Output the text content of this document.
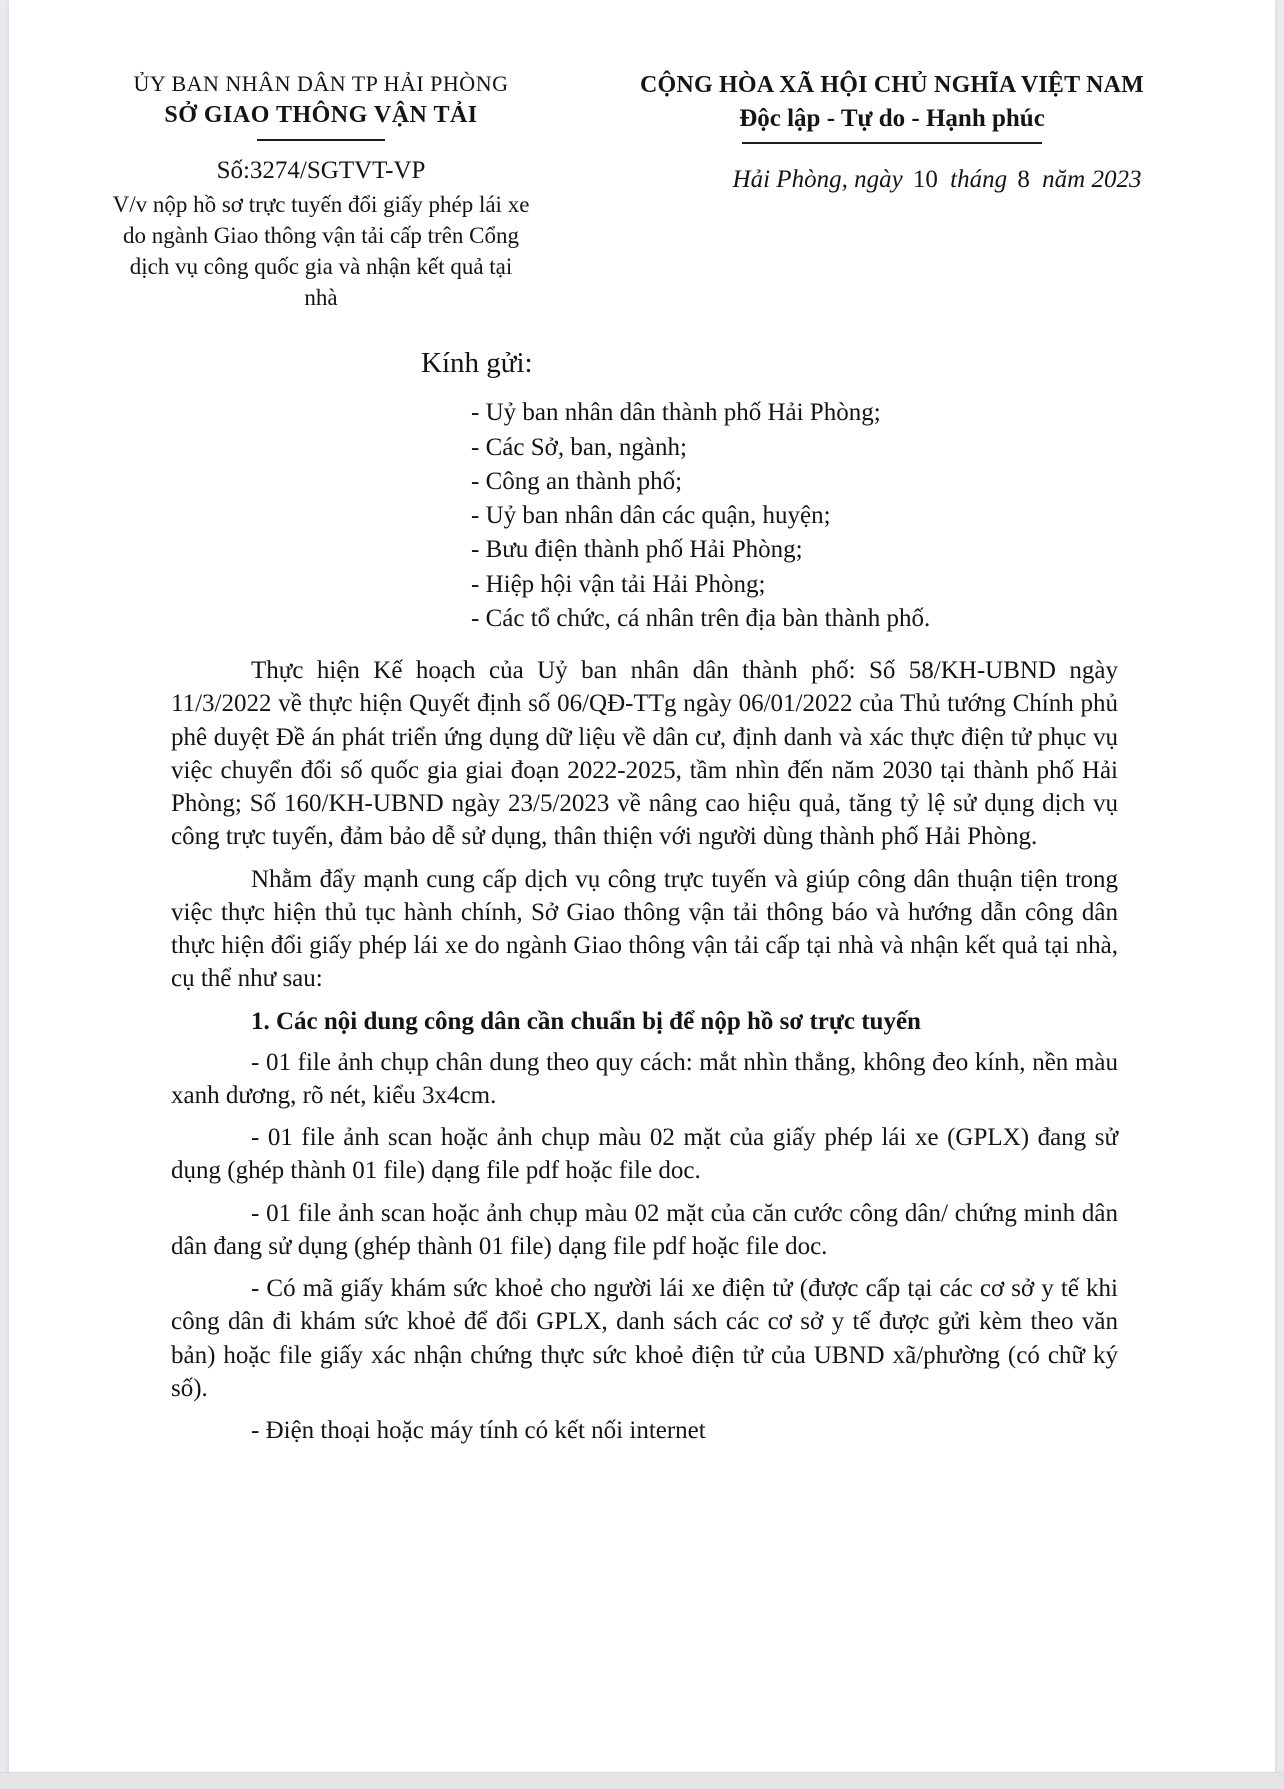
ỦY BAN NHÂN DÂN TP HẢI PHÒNG
SỞ GIAO THÔNG VẬN TẢI
Số:3274/SGTVT-VP
V/v nộp hồ sơ trực tuyến đổi giấy phép lái xe do ngành Giao thông vận tải cấp trên Cổng dịch vụ công quốc gia và nhận kết quả tại nhà
CỘNG HÒA XÃ HỘI CHỦ NGHĨA VIỆT NAM
Độc lập - Tự do - Hạnh phúc
Hải Phòng, ngày 10 tháng 8 năm 2023
Kính gửi:
- Uỷ ban nhân dân thành phố Hải Phòng;
- Các Sở, ban, ngành;
- Công an thành phố;
- Uỷ ban nhân dân các quận, huyện;
- Bưu điện thành phố Hải Phòng;
- Hiệp hội vận tải Hải Phòng;
- Các tổ chức, cá nhân trên địa bàn thành phố.

Thực hiện Kế hoạch của Uỷ ban nhân dân thành phố: Số 58/KH-UBND ngày 11/3/2022 về thực hiện Quyết định số 06/QĐ-TTg ngày 06/01/2022 của Thủ tướng Chính phủ phê duyệt Đề án phát triển ứng dụng dữ liệu về dân cư, định danh và xác thực điện tử phục vụ việc chuyển đổi số quốc gia giai đoạn 2022-2025, tầm nhìn đến năm 2030 tại thành phố Hải Phòng; Số 160/KH-UBND ngày 23/5/2023 về nâng cao hiệu quả, tăng tỷ lệ sử dụng dịch vụ công trực tuyến, đảm bảo dễ sử dụng, thân thiện với người dùng thành phố Hải Phòng.

Nhằm đẩy mạnh cung cấp dịch vụ công trực tuyến và giúp công dân thuận tiện trong việc thực hiện thủ tục hành chính, Sở Giao thông vận tải thông báo và hướng dẫn công dân thực hiện đổi giấy phép lái xe do ngành Giao thông vận tải cấp tại nhà và nhận kết quả tại nhà, cụ thể như sau:

1. Các nội dung công dân cần chuẩn bị để nộp hồ sơ trực tuyến

- 01 file ảnh chụp chân dung theo quy cách: mắt nhìn thẳng, không đeo kính, nền màu xanh dương, rõ nét, kiểu 3x4cm.

- 01 file ảnh scan hoặc ảnh chụp màu 02 mặt của giấy phép lái xe (GPLX) đang sử dụng (ghép thành 01 file) dạng file pdf hoặc file doc.

- 01 file ảnh scan hoặc ảnh chụp màu 02 mặt của căn cước công dân/ chứng minh dân dân đang sử dụng (ghép thành 01 file) dạng file pdf hoặc file doc.

- Có mã giấy khám sức khoẻ cho người lái xe điện tử (được cấp tại các cơ sở y tế khi công dân đi khám sức khoẻ để đổi GPLX, danh sách các cơ sở y tế được gửi kèm theo văn bản) hoặc file giấy xác nhận chứng thực sức khoẻ điện tử của UBND xã/phường (có chữ ký số).

- Điện thoại hoặc máy tính có kết nối internet
